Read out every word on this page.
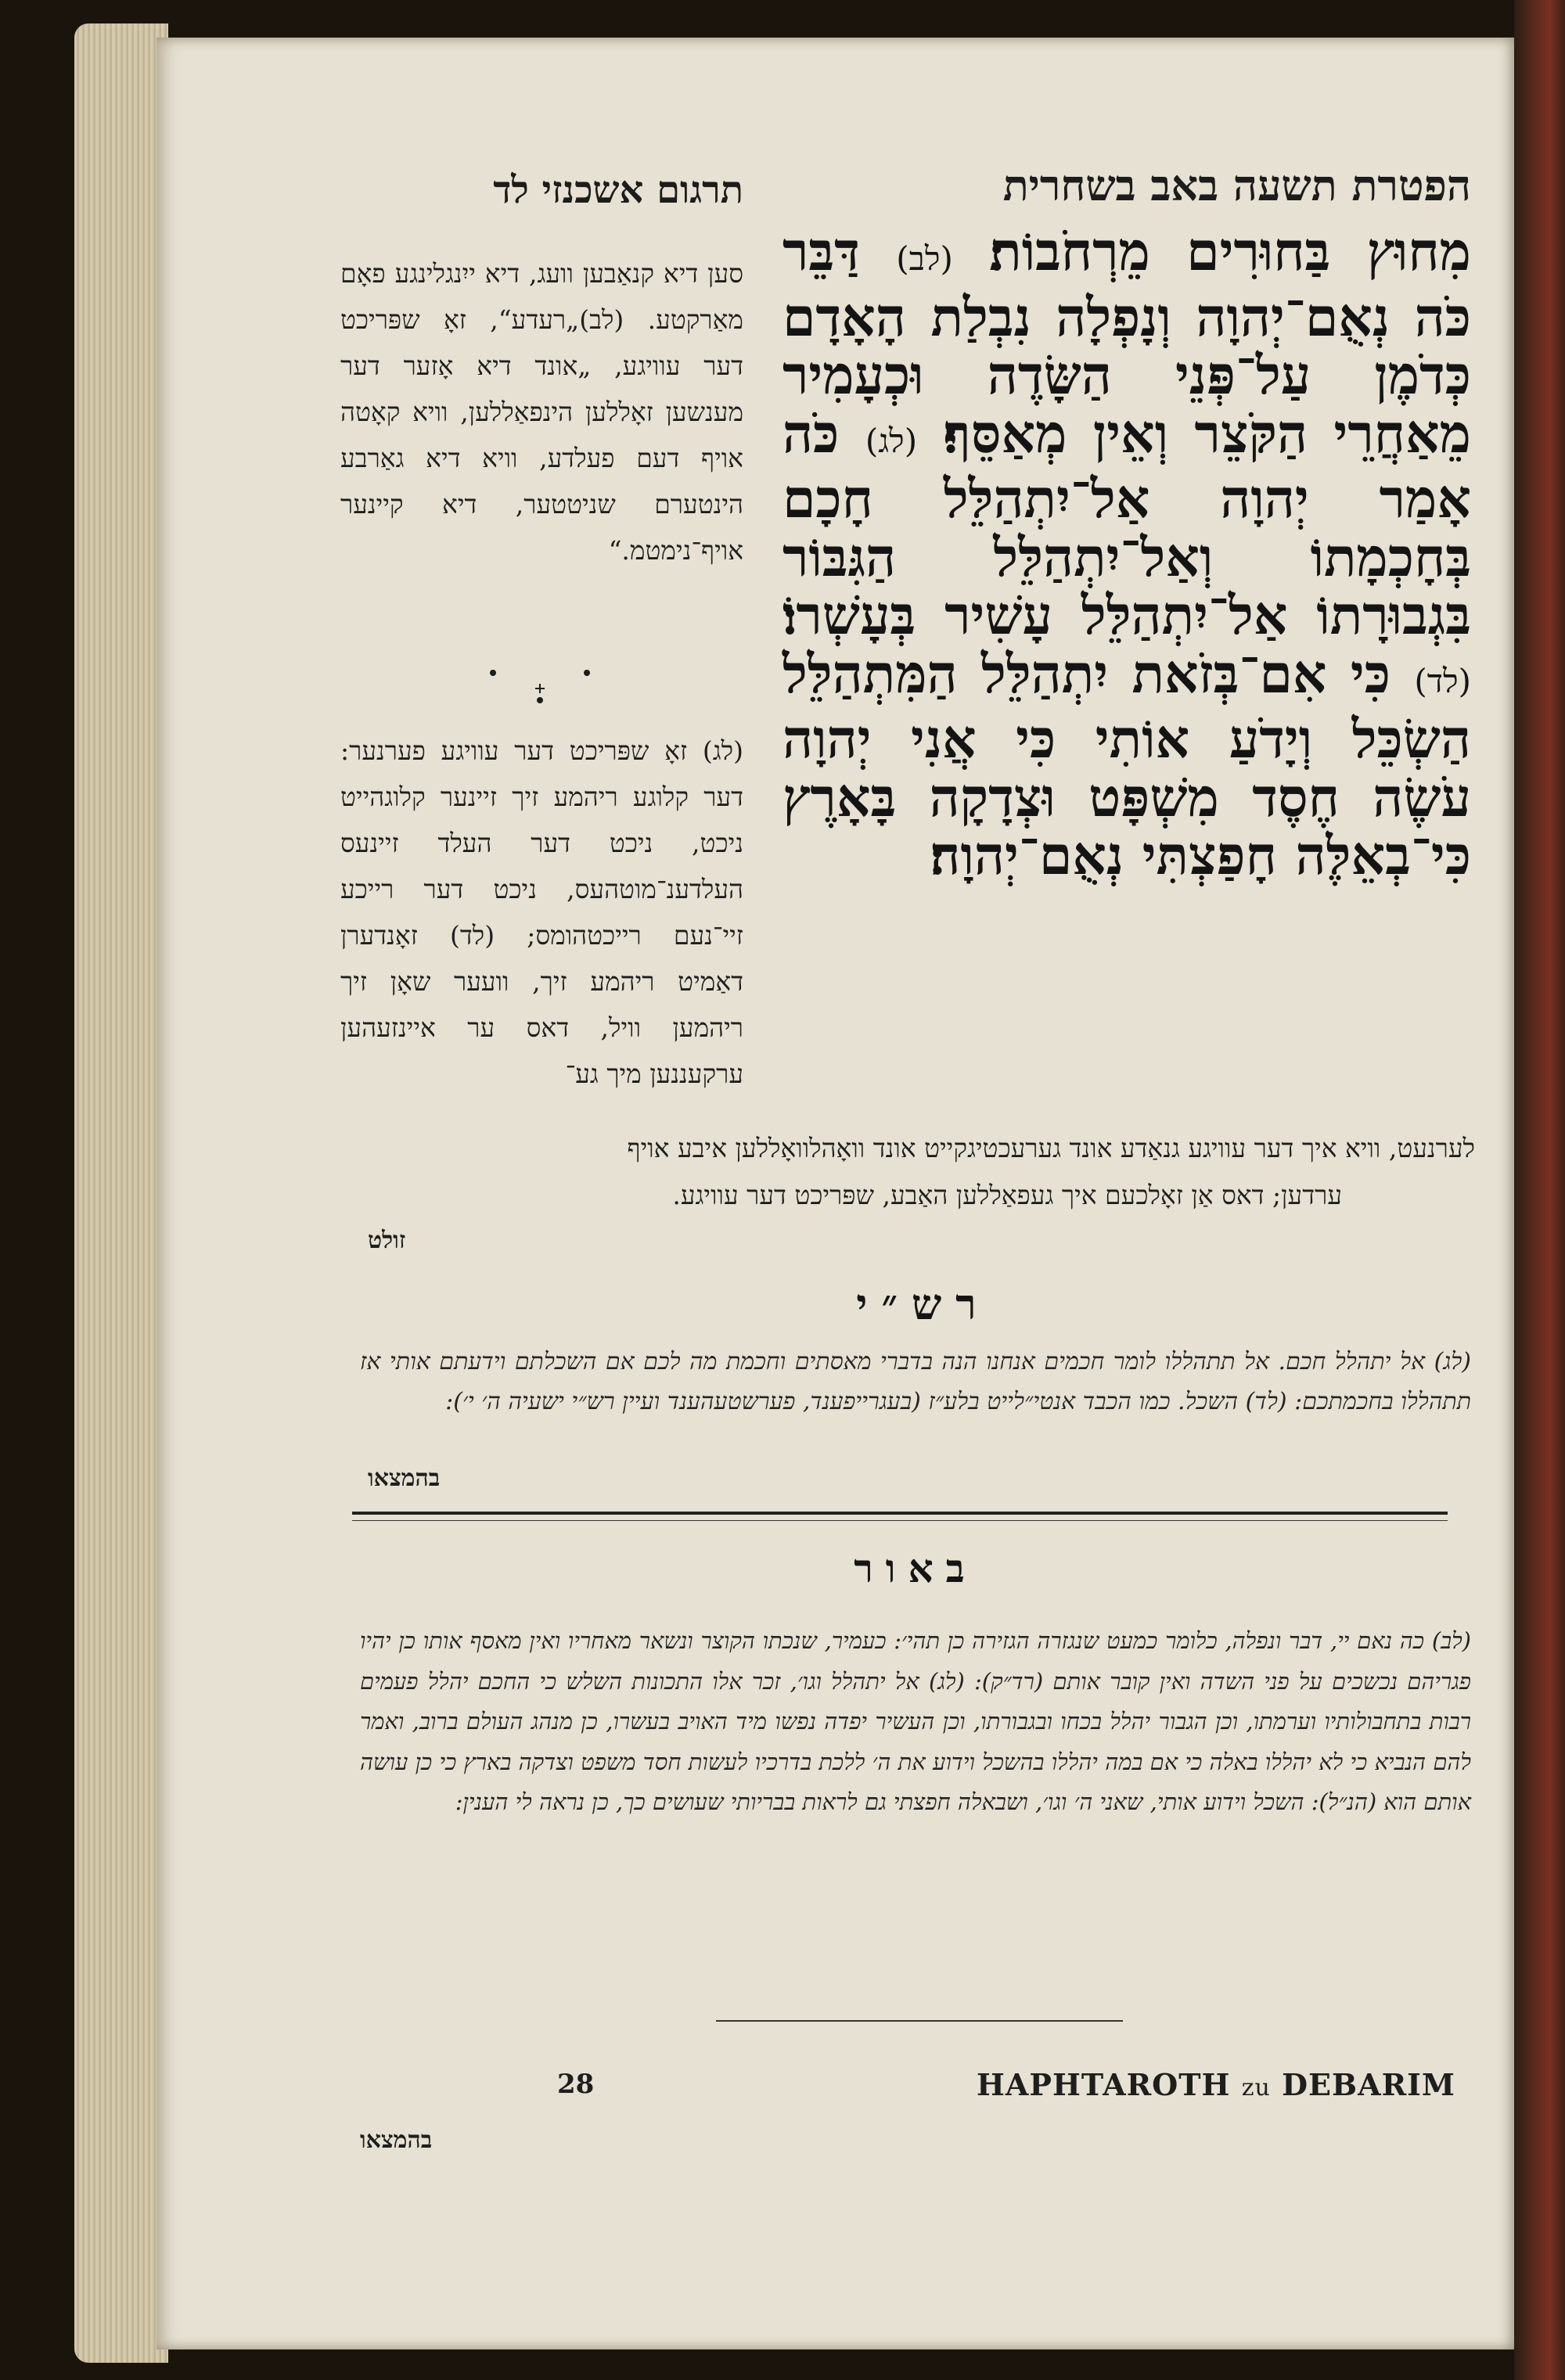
הפטרת תשעה באב בשחרית
תרגום אשכנזי לד
מִחוּץ בַּחוּרִים מֵרְחֹבוֹת׃ (לב) דַּבֵּר כֹּה נְאֻם־יְהוָה וְנָפְלָה נִבְלַת הָאָדָם כְּדֹמֶן עַל־פְּנֵי הַשָּׂדֶה וּכְעָמִיר מֵאַחֲרֵי הַקֹּצֵר וְאֵין מְאַסֵּף׃ (לג) כֹּה אָמַר יְהוָה אַל־יִתְהַלֵּל חָכָם בְּחָכְמָתוֹ וְאַל־יִתְהַלֵּל הַגִּבּוֹר בִּגְבוּרָתוֹ אַל־יִתְהַלֵּל עָשִׁיר בְּעָשְׁרוֹ׃ (לד) כִּי אִם־בְּזֹאת יִתְהַלֵּל הַמִּתְהַלֵּל הַשְׂכֵּל וְיָדֹעַ אוֹתִי כִּי אֲנִי יְהוָה עֹשֶׂה חֶסֶד מִשְׁפָּט וּצְדָקָה בָּאָרֶץ כִּי־בְאֵלֶּה חָפַצְתִּי נְאֻם־יְהוָה׃
סען דיא קנאַבען וועג, דיא ייִנגלינגע פאָם מאַרקטע. (לב)„רעדע“, זאָ שפּריכט דער עוויגע, „אונד דיא אָזער דער מענשען זאָללען הינפאַללען, וויא קאָטה אויף דעם פעלדע, וויא דיא גאַרבע הינטערם שניטטער, דיא קיינער אויף־נימטמ.“
(לג) זאָ שפּריכט דער עוויגע פערנער: דער קלוגע ריהמע זיך זיינער קלוגהייט ניכט, ניכט דער העלד זיינעס העלדענ־מוטהעס, ניכט דער רייכע זיי־נעם רייכטהומס; (לד) זאָנדערן דאַמיט ריהמע זיך, וועער שאָן זיך ריהמען וויל, דאס ער איינזעהען ערקעננען מיך גע־
לערנעט, וויא איך דער עוויגע גנאַדע אונד גערעכטיגקייט אונד וואָהלוואָללען איבע אויף
ערדען; דאס אַן זאָלכעם איך געפאַללען האַבע, שפּריכט דער עוויגע.
זולט
רש״י
(לג) אל יתהלל חכם. אל תתהללו לומר חכמים אנחנו הנה בדברי מאסתים וחכמת מה לכם אם השכלתם וידעתם אותי אז תתהללו בחכמתכם: (לד) השכל. כמו הכבד אנטי״לייט בלע״ז (בעגרייפענד, פערשטעהענד ועיין רש״י ישעיה ה׳ י׳):
בהמצאו
באור
(לב) כה נאם יי, דבר ונפלה, כלומר כמעט שנגזרה הגזירה כן תהי׳: כעמיר, שנכתו הקוצר ונשאר מאחריו ואין מאסף אותו כן יהיו פגריהם נכשכים על פני השדה ואין קובר אותם (רד״ק): (לג) אל יתהלל וגו׳, זכר אלו התכונות השלש כי החכם יהלל פעמים רבות בתחבולותיו וערמתו, וכן הגבור יהלל בכחו ובגבורתו, וכן העשיר יפדה נפשו מיד האויב בעשרו, כן מנהג העולם ברוב, ואמר להם הנביא כי לא יהללו באלה כי אם במה יהללו בהשכל וידוע את ה׳ ללכת בדרכיו לעשות חסד משפט וצדקה בארץ כי כן עושה אותם הוא (הנ״ל): השכל וידוע אותי, שאני ה׳ וגו׳, ושבאלה חפצתי גם לראות בבריותי שעושים כך, כן נראה לי הענין:
28	HAPHTAROTH zu DEBARIM
בהמצאו
